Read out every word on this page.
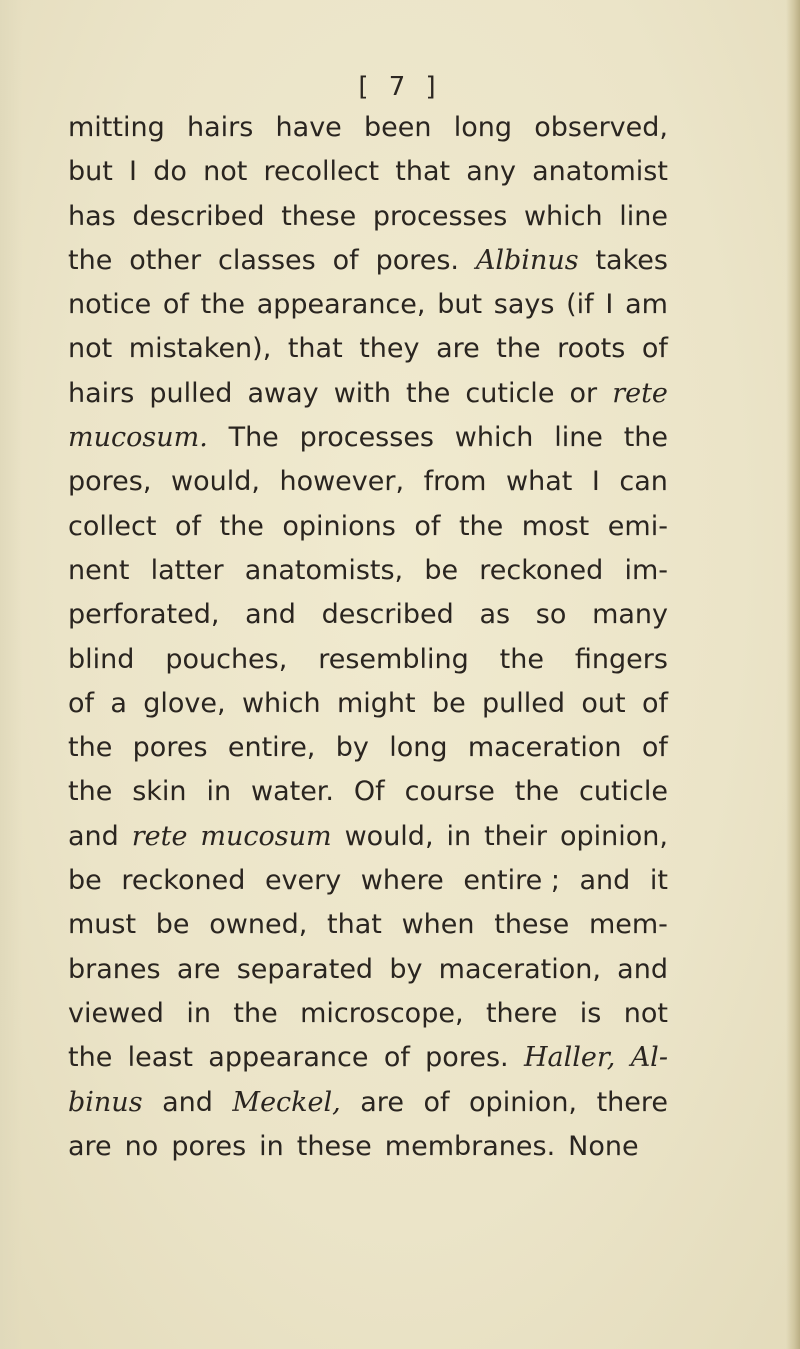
[ 7 ]
mitting hairs have been long observed,
but I do not recollect that any anatomist
has described these processes which line
the other classes of pores. Albinus takes
notice of the appearance, but says (if I am
not mistaken), that they are the roots of
hairs pulled away with the cuticle or rete
mucosum. The processes which line the
pores, would, however, from what I can
collect of the opinions of the most emi-
nent latter anatomists, be reckoned im-
perforated, and described as so many
blind pouches, resembling the fingers
of a glove, which might be pulled out of
the pores entire, by long maceration of
the skin in water. Of course the cuticle
and rete mucosum would, in their opinion,
be reckoned every where entire ; and it
must be owned, that when these mem-
branes are separated by maceration, and
viewed in the microscope, there is not
the least appearance of pores. Haller, Al-
binus and Meckel, are of opinion, there
are no pores in these membranes. None
